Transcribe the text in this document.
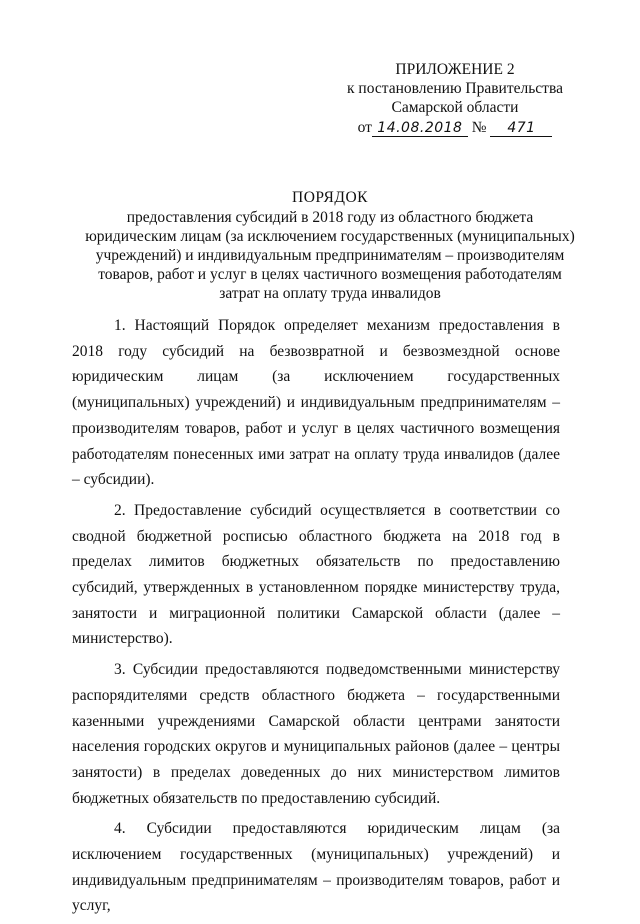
ПРИЛОЖЕНИЕ 2
к постановлению Правительства
Самарской области
от 14.08.2018 № 471
ПОРЯДОК
предоставления субсидий в 2018 году из областного бюджета
юридическим лицам (за исключением государственных (муниципальных)
учреждений) и индивидуальным предпринимателям – производителям
товаров, работ и услуг в целях частичного возмещения работодателям
затрат на оплату труда инвалидов

1. Настоящий Порядок определяет механизм предоставления в 2018 году субсидий на безвозвратной и безвозмездной основе юридическим лицам (за исключением государственных (муниципальных) учреждений) и индивидуальным предпринимателям – производителям товаров, работ и услуг в целях частичного возмещения работодателям понесенных ими затрат на оплату труда инвалидов (далее – субсидии).

2. Предоставление субсидий осуществляется в соответствии со сводной бюджетной росписью областного бюджета на 2018 год в пределах лимитов бюджетных обязательств по предоставлению субсидий, утвержденных в установленном порядке министерству труда, занятости и миграционной политики Самарской области (далее – министерство).

3. Субсидии предоставляются подведомственными министерству распорядителями средств областного бюджета – государственными казенными учреждениями Самарской области центрами занятости населения городских округов и муниципальных районов (далее – центры занятости) в пределах доведенных до них министерством лимитов бюджетных обязательств по предоставлению субсидий.

4. Субсидии предоставляются юридическим лицам (за исключением государственных (муниципальных) учреждений) и индивидуальным предпринимателям – производителям товаров, работ и услуг,
